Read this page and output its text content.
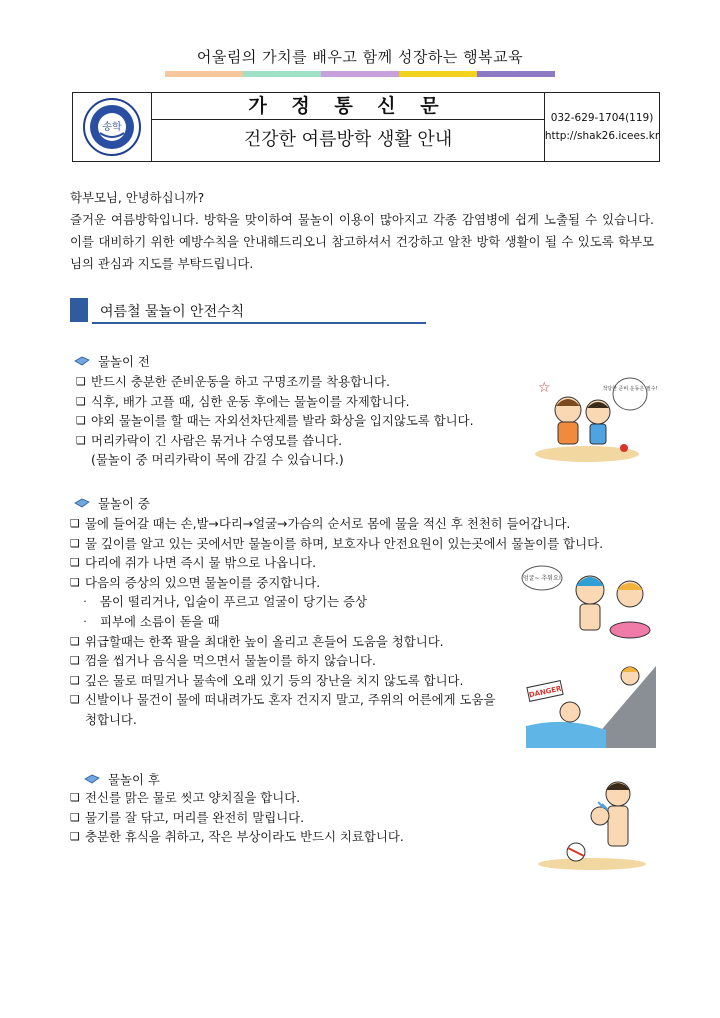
어울림의 가치를 배우고 함께 성장하는 행복교육
송학
가 정 통 신 문
건강한 여름방학 생활 안내
032-629-1704(119)
http://shak26.icees.kr

학부모님, 안녕하십니까?

즐거운 여름방학입니다. 방학을 맞이하여 물놀이 이용이 많아지고 각종 감염병에 쉽게 노출될 수 있습니다. 이를 대비하기 위한 예방수칙을 안내해드리오니 참고하셔서 건강하고 알찬 방학 생활이 될 수 있도록 학부모님의 관심과 지도를 부탁드립니다.

여름철 물놀이 안전수칙
물놀이 전
❑ 반드시 충분한 준비운동을 하고 구명조끼를 착용합니다.
❑ 식후, 배가 고플 때, 심한 운동 후에는 물놀이를 자제합니다.
❑ 야외 물놀이를 할 때는 자외선차단제를 발라 화상을 입지않도록 합니다.
❑ 머리카락이 긴 사람은 묶거나 수영모를 씁니다.
(물놀이 중 머리카락이 목에 감길 수 있습니다.)
물놀이 중
❑ 물에 들어갈 때는 손,발→다리→얼굴→가슴의 순서로 몸에 물을 적신 후 천천히 들어갑니다.
❑ 물 깊이를 알고 있는 곳에서만 물놀이를 하며, 보호자나 안전요원이 있는곳에서 물놀이를 합니다.
❑ 다리에 쥐가 나면 즉시 물 밖으로 나옵니다.
❑ 다음의 증상의 있으면 물놀이를 중지합니다.
·	몸이 떨리거나, 입술이 푸르고 얼굴이 당기는 증상
·	피부에 소름이 돋을 때
❑ 위급할때는 한쪽 팔을 최대한 높이 올리고 흔들어 도움을 청합니다.
❑ 껌을 씹거나 음식을 먹으면서 물놀이를 하지 않습니다.
❑ 깊은 물로 떠밀거나 물속에 오래 있기 등의 장난을 치지 않도록 합니다.
❑ 신발이나 물건이 물에 떠내려가도 혼자 건지지 말고, 주위의 어른에게 도움을
청합니다.
물놀이 후
❑ 전신를 맑은 물로 씻고 양치질을 합니다.
❑ 물기를 잘 닦고, 머리를 완전히 말립니다.
❑ 충분한 휴식을 취하고, 작은 부상이라도 반드시 치료합니다.
☆	적당한 준비 운동은 필수!
엄굴~ 추워요!
DANGER
